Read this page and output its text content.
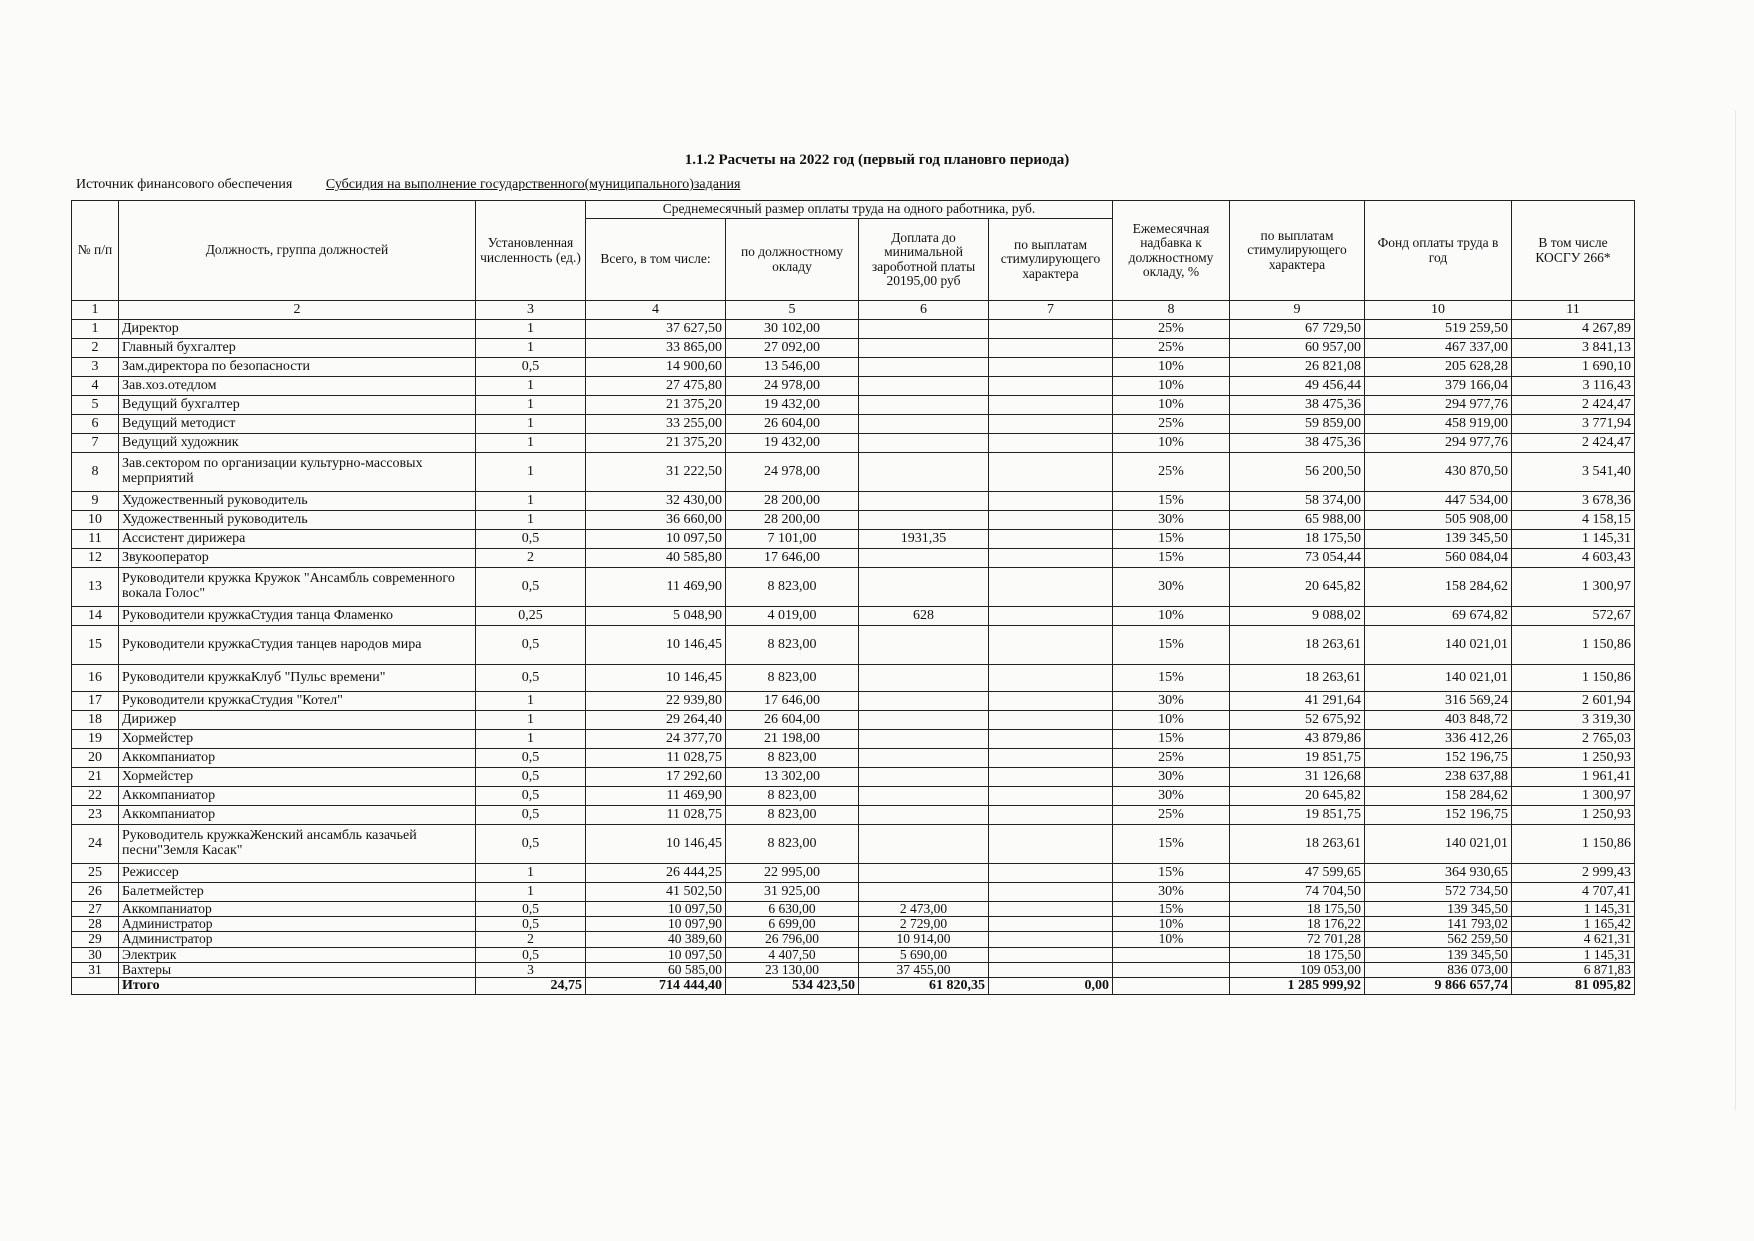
1.1.2 Расчеты на 2022 год (первый год плановго периода)
Источник финансового обеспечения Субсидия на выполнение государственного(муниципального)задания
№ п/п	Должность, группа должностей	Установленная численность (ед.)	Среднемесячный размер оплаты труда на одного работника, руб.				Ежемесячная надбавка к должностному окладу, %	по выплатам стимулирующего характера	Фонд оплаты труда в год	В том числе КОСГУ 266*
			Всего, в том числе:	по должностному окладу	Доплата до минимальной зароботной платы 20195,00 руб	по выплатам стимулирующего характера				
1	2	3	4	5	6	7	8	9	10	11
1	Директор	1	37 627,50	30 102,00			25%	67 729,50	519 259,50	4 267,89
2	Главный бухгалтер	1	33 865,00	27 092,00			25%	60 957,00	467 337,00	3 841,13
3	Зам.директора по безопасности	0,5	14 900,60	13 546,00			10%	26 821,08	205 628,28	1 690,10
4	Зав.хоз.отедлом	1	27 475,80	24 978,00			10%	49 456,44	379 166,04	3 116,43
5	Ведущий бухгалтер	1	21 375,20	19 432,00			10%	38 475,36	294 977,76	2 424,47
6	Ведущий методист	1	33 255,00	26 604,00			25%	59 859,00	458 919,00	3 771,94
7	Ведущий художник	1	21 375,20	19 432,00			10%	38 475,36	294 977,76	2 424,47
8	Зав.сектором по организации культурно-массовых мерприятий	1	31 222,50	24 978,00			25%	56 200,50	430 870,50	3 541,40
9	Художественный руководитель	1	32 430,00	28 200,00			15%	58 374,00	447 534,00	3 678,36
10	Художественный руководитель	1	36 660,00	28 200,00			30%	65 988,00	505 908,00	4 158,15
11	Ассистент дирижера	0,5	10 097,50	7 101,00	1931,35		15%	18 175,50	139 345,50	1 145,31
12	Звукооператор	2	40 585,80	17 646,00			15%	73 054,44	560 084,04	4 603,43
13	Руководители кружка Кружок "Ансамбль современного вокала Голос"	0,5	11 469,90	8 823,00			30%	20 645,82	158 284,62	1 300,97
14	Руководители кружкаСтудия танца Фламенко	0,25	5 048,90	4 019,00	628		10%	9 088,02	69 674,82	572,67
15	Руководители кружкаСтудия танцев народов мира	0,5	10 146,45	8 823,00			15%	18 263,61	140 021,01	1 150,86
16	Руководители кружкаКлуб "Пульс времени"	0,5	10 146,45	8 823,00			15%	18 263,61	140 021,01	1 150,86
17	Руководители кружкаСтудия "Котел"	1	22 939,80	17 646,00			30%	41 291,64	316 569,24	2 601,94
18	Дирижер	1	29 264,40	26 604,00			10%	52 675,92	403 848,72	3 319,30
19	Хормейстер	1	24 377,70	21 198,00			15%	43 879,86	336 412,26	2 765,03
20	Аккомпаниатор	0,5	11 028,75	8 823,00			25%	19 851,75	152 196,75	1 250,93
21	Хормейстер	0,5	17 292,60	13 302,00			30%	31 126,68	238 637,88	1 961,41
22	Аккомпаниатор	0,5	11 469,90	8 823,00			30%	20 645,82	158 284,62	1 300,97
23	Аккомпаниатор	0,5	11 028,75	8 823,00			25%	19 851,75	152 196,75	1 250,93
24	Руководитель кружкаЖенский ансамбль казачьей песни"Земля Касак"	0,5	10 146,45	8 823,00			15%	18 263,61	140 021,01	1 150,86
25	Режиссер	1	26 444,25	22 995,00			15%	47 599,65	364 930,65	2 999,43
26	Балетмейстер	1	41 502,50	31 925,00			30%	74 704,50	572 734,50	4 707,41
27	Аккомпаниатор	0,5	10 097,50	6 630,00	2 473,00		15%	18 175,50	139 345,50	1 145,31
28	Администратор	0,5	10 097,90	6 699,00	2 729,00		10%	18 176,22	141 793,02	1 165,42
29	Администратор	2	40 389,60	26 796,00	10 914,00		10%	72 701,28	562 259,50	4 621,31
30	Электрик	0,5	10 097,50	4 407,50	5 690,00			18 175,50	139 345,50	1 145,31
31	Вахтеры	3	60 585,00	23 130,00	37 455,00			109 053,00	836 073,00	6 871,83
	Итого	24,75	714 444,40	534 423,50	61 820,35	0,00		1 285 999,92	9 866 657,74	81 095,82
